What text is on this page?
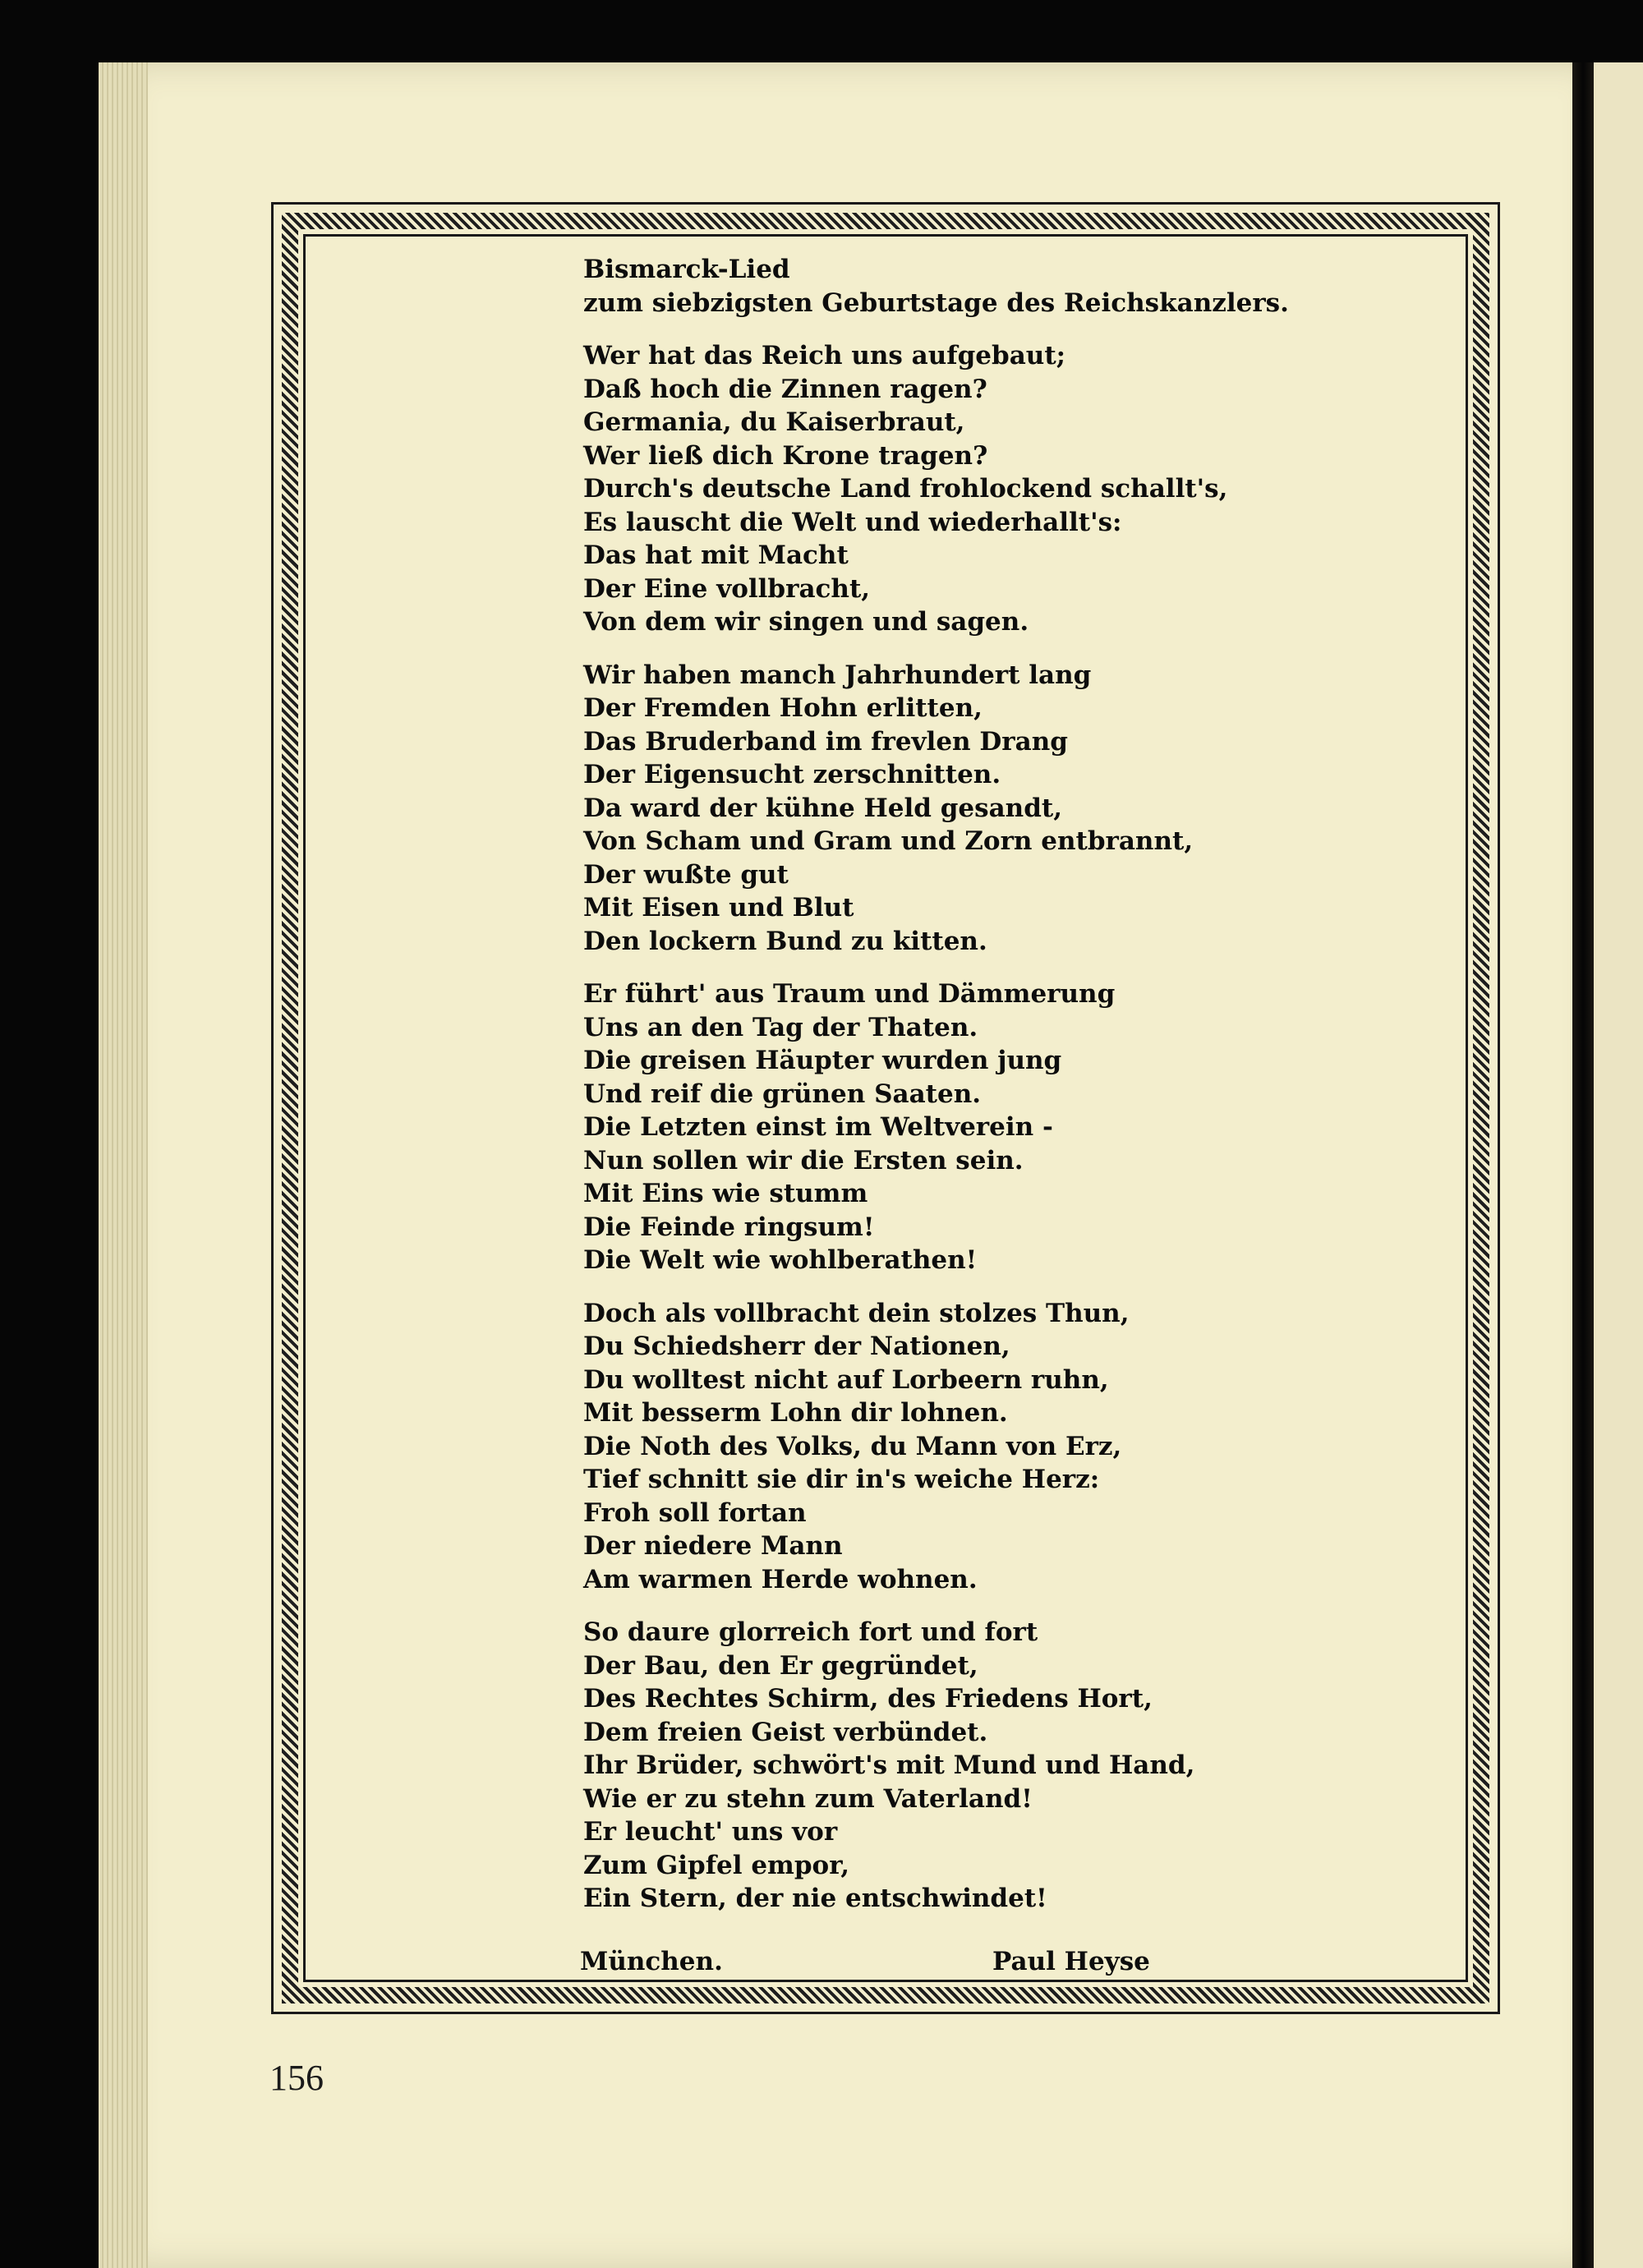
Bismarck-Lied
zum siebzigsten Geburtstage des Reichskanzlers.
Wer hat das Reich uns aufgebaut;
Daß hoch die Zinnen ragen?
Germania, du Kaiserbraut,
Wer ließ dich Krone tragen?
Durch's deutsche Land frohlockend schallt's,
Es lauscht die Welt und wiederhallt's:
Das hat mit Macht
Der Eine vollbracht,
Von dem wir singen und sagen.
Wir haben manch Jahrhundert lang
Der Fremden Hohn erlitten,
Das Bruderband im frevlen Drang
Der Eigensucht zerschnitten.
Da ward der kühne Held gesandt,
Von Scham und Gram und Zorn entbrannt,
Der wußte gut
Mit Eisen und Blut
Den lockern Bund zu kitten.
Er führt' aus Traum und Dämmerung
Uns an den Tag der Thaten.
Die greisen Häupter wurden jung
Und reif die grünen Saaten.
Die Letzten einst im Weltverein -
Nun sollen wir die Ersten sein.
Mit Eins wie stumm
Die Feinde ringsum!
Die Welt wie wohlberathen!
Doch als vollbracht dein stolzes Thun,
Du Schiedsherr der Nationen,
Du wolltest nicht auf Lorbeern ruhn,
Mit besserm Lohn dir lohnen.
Die Noth des Volks, du Mann von Erz,
Tief schnitt sie dir in's weiche Herz:
Froh soll fortan
Der niedere Mann
Am warmen Herde wohnen.
So daure glorreich fort und fort
Der Bau, den Er gegründet,
Des Rechtes Schirm, des Friedens Hort,
Dem freien Geist verbündet.
Ihr Brüder, schwört's mit Mund und Hand,
Wie er zu stehn zum Vaterland!
Er leucht' uns vor
Zum Gipfel empor,
Ein Stern, der nie entschwindet!
München.	Paul Heyse
156
